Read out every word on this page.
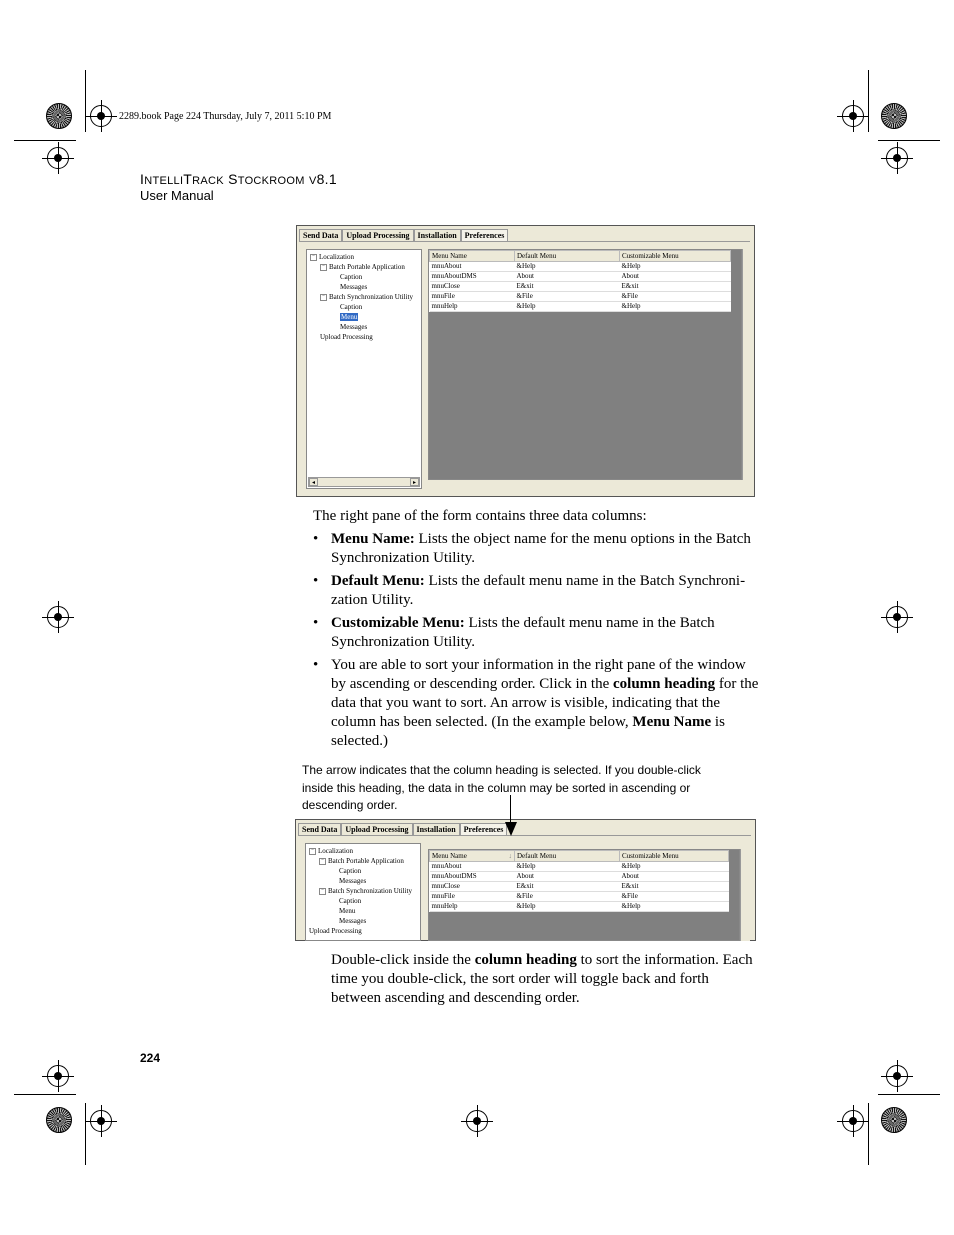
2289.book Page 224 Thursday, July 7, 2011 5:10 PM
INTELLITRACK STOCKROOM V8.1
User Manual
Send Data	Upload Processing	Installation	Preferences
− Localization
− Batch Portable Application
Caption
Messages
− Batch Synchronization Utility
Caption
Menu
Messages
Upload Processing
◂	▸
Menu Name	Default Menu	Customizable Menu
mnuAbout	&Help	&Help
mnuAboutDMS	About	About
mnuClose	E&xit	E&xit
mnuFile	&File	&File
mnuHelp	&Help	&Help
The right pane of the form contains three data columns:
• Menu Name: Lists the object name for the menu options in the Batch Synchronization Utility.
• Default Menu: Lists the default menu name in the Batch Synchroni-zation Utility.
• Customizable Menu: Lists the default menu name in the Batch Synchronization Utility.
• You are able to sort your information in the right pane of the window by ascending or descending order. Click in the column heading for the data that you want to sort. An arrow is visible, indicating that the column has been selected. (In the example below, Menu Name is selected.)
The arrow indicates that the column heading is selected. If you double-click inside this heading, the data in the column may be sorted in ascending or descending order.
Send Data	Upload Processing	Installation	Preferences
− Localization
− Batch Portable Application
Caption
Messages
− Batch Synchronization Utility
Caption
Menu
Messages
Upload Processing
Menu Name ↓	Default Menu	Customizable Menu
mnuAbout	&Help	&Help
mnuAboutDMS	About	About
mnuClose	E&xit	E&xit
mnuFile	&File	&File
mnuHelp	&Help	&Help
Double-click inside the column heading to sort the information. Each time you double-click, the sort order will toggle back and forth between ascending and descending order.
224
